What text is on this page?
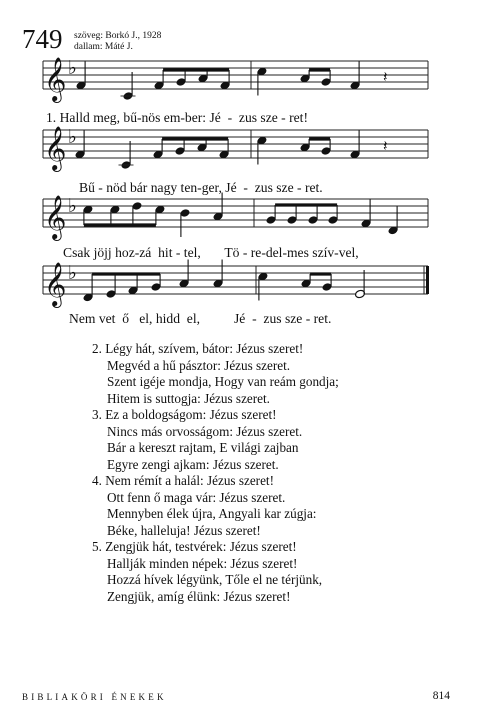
749 szöveg: Borkó J., 1928
dallam: Máté J.
𝄞 ♭
𝄞 ♭
𝄞 ♭
𝄞 ♭
𝄽
𝄽
1. Halld meg, bű-nös em-ber: Jé  -  zus sze - ret!
Bű - nöd bár nagy ten-ger, Jé  -  zus sze - ret.
Csak jöjj hoz-zá  hit - tel,       Tö - re-del-mes szív-vel,
Nem vet  ő   el, hidd  el,          Jé  -  zus sze - ret.
2. Légy hát, szívem, bátor: Jézus szeret!
Megvéd a hű pásztor: Jézus szeret.
Szent igéje mondja, Hogy van reám gondja;
Hitem is suttogja: Jézus szeret.
3. Ez a boldogságom: Jézus szeret!
Nincs más orvosságom: Jézus szeret.
Bár a kereszt rajtam, E világi zajban
Egyre zengi ajkam: Jézus szeret.
4. Nem rémít a halál: Jézus szeret!
Ott fenn ő maga vár: Jézus szeret.
Mennyben élek újra, Angyali kar zúgja:
Béke, halleluja! Jézus szeret!
5. Zengjük hát, testvérek: Jézus szeret!
Hallják minden népek: Jézus szeret!
Hozzá hívek légyünk, Tőle el ne térjünk,
Zengjük, amíg élünk: Jézus szeret!
BIBLIAKÖRI ÉNEKEK	814
